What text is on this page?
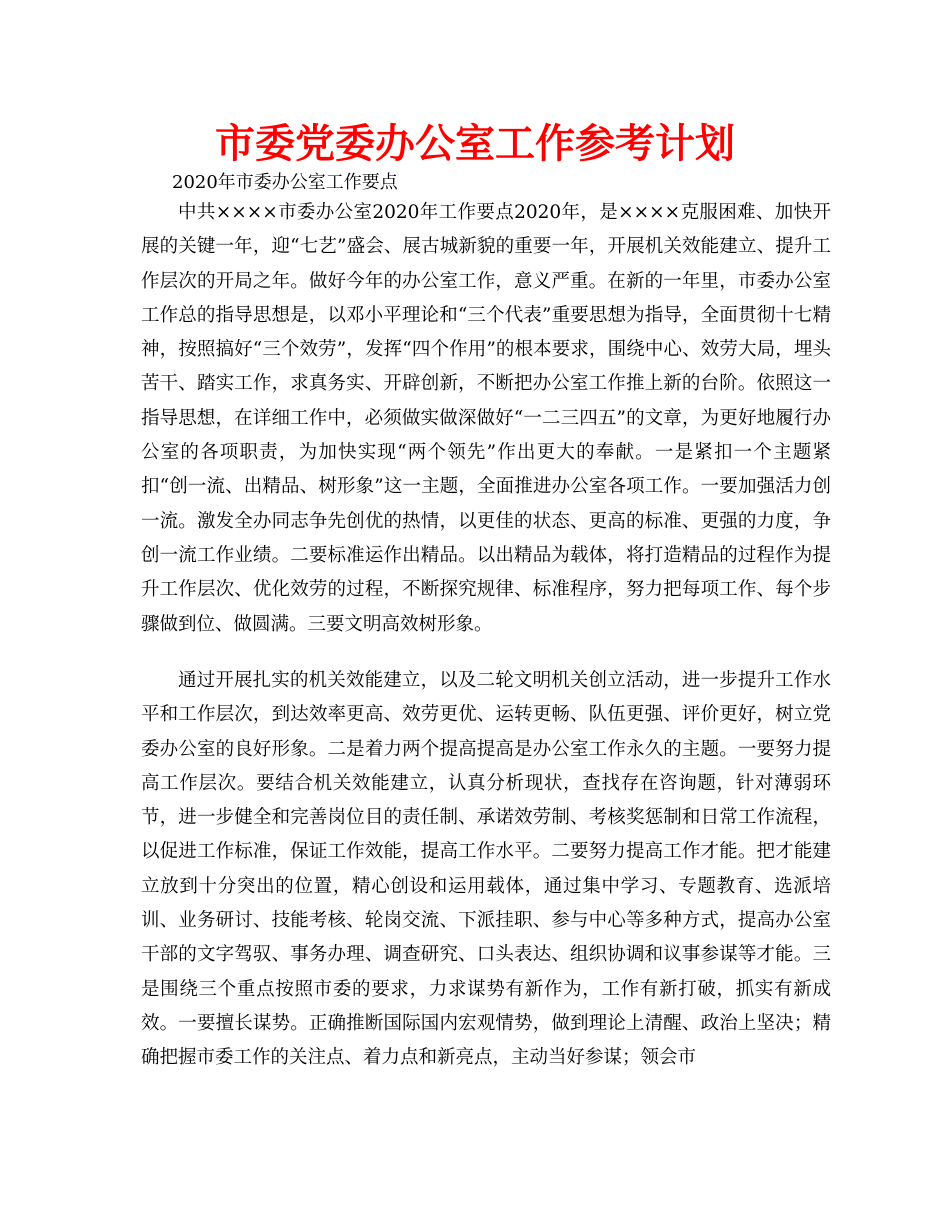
市委党委办公室工作参考计划
2020年市委办公室工作要点

中共××××市委办公室2020年工作要点2020年，是××××克服困难、加快开展的关键一年，迎“七艺”盛会、展古城新貌的重要一年，开展机关效能建立、提升工作层次的开局之年。做好今年的办公室工作，意义严重。在新的一年里，市委办公室工作总的指导思想是，以邓小平理论和“三个代表”重要思想为指导，全面贯彻十七精神，按照搞好“三个效劳”，发挥“四个作用”的根本要求，围绕中心、效劳大局，埋头苦干、踏实工作，求真务实、开辟创新，不断把办公室工作推上新的台阶。依照这一指导思想，在详细工作中，必须做实做深做好“一二三四五”的文章，为更好地履行办公室的各项职责，为加快实现“两个领先”作出更大的奉献。一是紧扣一个主题紧扣“创一流、出精品、树形象”这一主题，全面推进办公室各项工作。一要加强活力创一流。激发全办同志争先创优的热情，以更佳的状态、更高的标准、更强的力度，争创一流工作业绩。二要标准运作出精品。以出精品为载体，将打造精品的过程作为提升工作层次、优化效劳的过程，不断探究规律、标准程序，努力把每项工作、每个步骤做到位、做圆满。三要文明高效树形象。

通过开展扎实的机关效能建立，以及二轮文明机关创立活动，进一步提升工作水平和工作层次，到达效率更高、效劳更优、运转更畅、队伍更强、评价更好，树立党委办公室的良好形象。二是着力两个提高提高是办公室工作永久的主题。一要努力提高工作层次。要结合机关效能建立，认真分析现状，查找存在咨询题，针对薄弱环节，进一步健全和完善岗位目的责任制、承诺效劳制、考核奖惩制和日常工作流程，以促进工作标准，保证工作效能，提高工作水平。二要努力提高工作才能。把才能建立放到十分突出的位置，精心创设和运用载体，通过集中学习、专题教育、选派培训、业务研讨、技能考核、轮岗交流、下派挂职、参与中心等多种方式，提高办公室干部的文字驾驭、事务办理、调查研究、口头表达、组织协调和议事参谋等才能。三是围绕三个重点按照市委的要求，力求谋势有新作为，工作有新打破，抓实有新成效。一要擅长谋势。正确推断国际国内宏观情势，做到理论上清醒、政治上坚决；精确把握市委工作的关注点、着力点和新亮点，主动当好参谋；领会市
